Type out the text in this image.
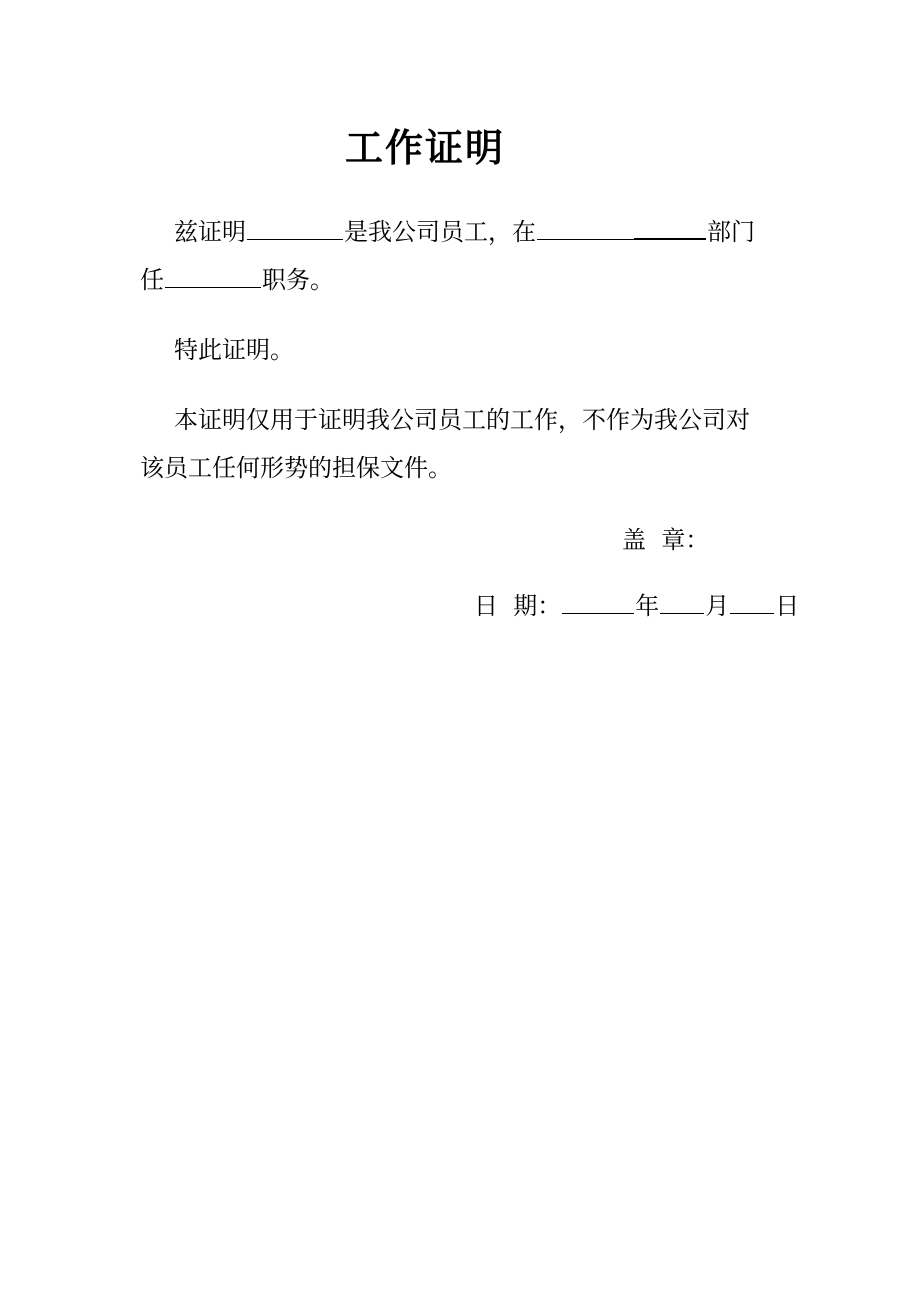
工作证明
兹证明	是我公司员工，在	部门
任	职务。
特此证明。
本证明仅用于证明我公司员工的工作，不作为我公司对
该员工任何形势的担保文件。
盖  章：
日  期：	年 月 日
